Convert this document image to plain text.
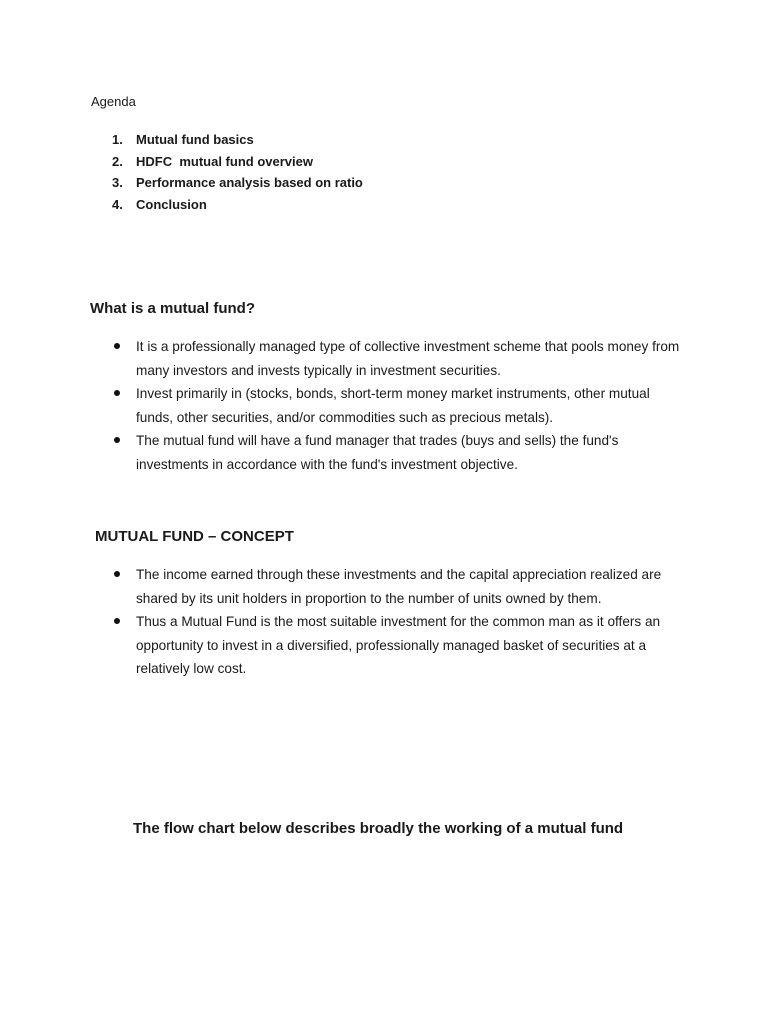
Agenda
1.	Mutual fund basics
2.	HDFC  mutual fund overview
3.	Performance analysis based on ratio
4.	Conclusion
What is a mutual fund?
It is a professionally managed type of collective investment scheme that pools money from many investors and invests typically in investment securities.
Invest primarily in (stocks, bonds, short-term money market instruments, other mutual funds, other securities, and/or commodities such as precious metals).
The mutual fund will have a fund manager that trades (buys and sells) the fund's investments in accordance with the fund's investment objective.
MUTUAL FUND – CONCEPT
The income earned through these investments and the capital appreciation realized are shared by its unit holders in proportion to the number of units owned by them.
Thus a Mutual Fund is the most suitable investment for the common man as it offers an opportunity to invest in a diversified, professionally managed basket of securities at a relatively low cost.
The flow chart below describes broadly the working of a mutual fund
